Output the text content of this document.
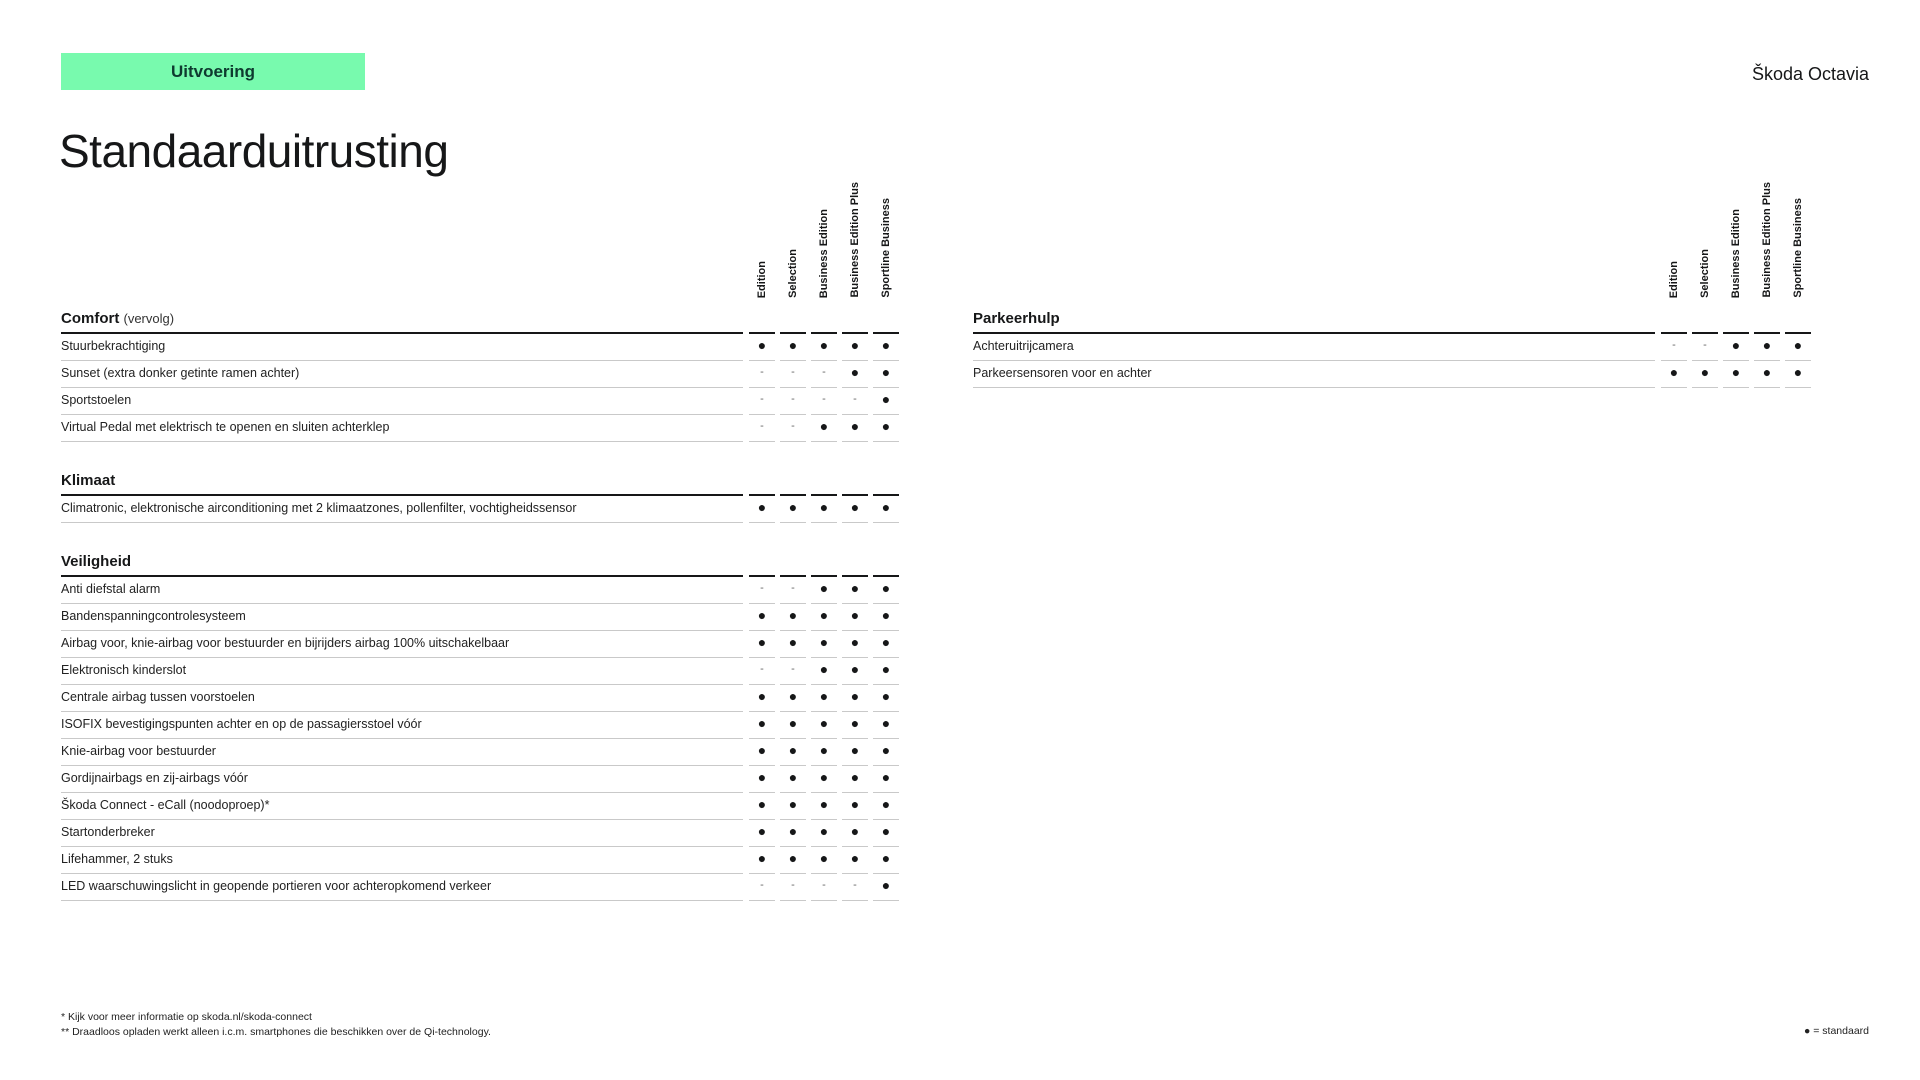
Uitvoering	Škoda Octavia
Standaarduitrusting
Edition Selection Business Edition Business Edition Plus Sportline Business
Comfort (vervolg)
Stuurbekrachtiging	●	●	●	●	●
Sunset (extra donker getinte ramen achter)	-	-	-	●	●
Sportstoelen	-	-	-	-	●
Virtual Pedal met elektrisch te openen en sluiten achterklep	-	-	●	●	●
Klimaat
Climatronic, elektronische airconditioning met 2 klimaatzones, pollenfilter, vochtigheidssensor	●	●	●	●	●
Veiligheid
Anti diefstal alarm	-	-	●	●	●
Bandenspanningcontrolesysteem	●	●	●	●	●
Airbag voor, knie-airbag voor bestuurder en bijrijders airbag 100% uitschakelbaar	●	●	●	●	●
Elektronisch kinderslot	-	-	●	●	●
Centrale airbag tussen voorstoelen	●	●	●	●	●
ISOFIX bevestigingspunten achter en op de passagiersstoel vóór	●	●	●	●	●
Knie-airbag voor bestuurder	●	●	●	●	●
Gordijnairbags en zij-airbags vóór	●	●	●	●	●
Škoda Connect - eCall (noodoproep)*	●	●	●	●	●
Startonderbreker	●	●	●	●	●
Lifehammer, 2 stuks	●	●	●	●	●
LED waarschuwingslicht in geopende portieren voor achteropkomend verkeer	-	-	-	-	●
Edition Selection Business Edition Business Edition Plus Sportline Business
Parkeerhulp
Achteruitrijcamera	-	-	●	●	●
Parkeersensoren voor en achter	●	●	●	●	●
* Kijk voor meer informatie op skoda.nl/skoda-connect
** Draadloos opladen werkt alleen i.c.m. smartphones die beschikken over de Qi-technology.	● = standaard
